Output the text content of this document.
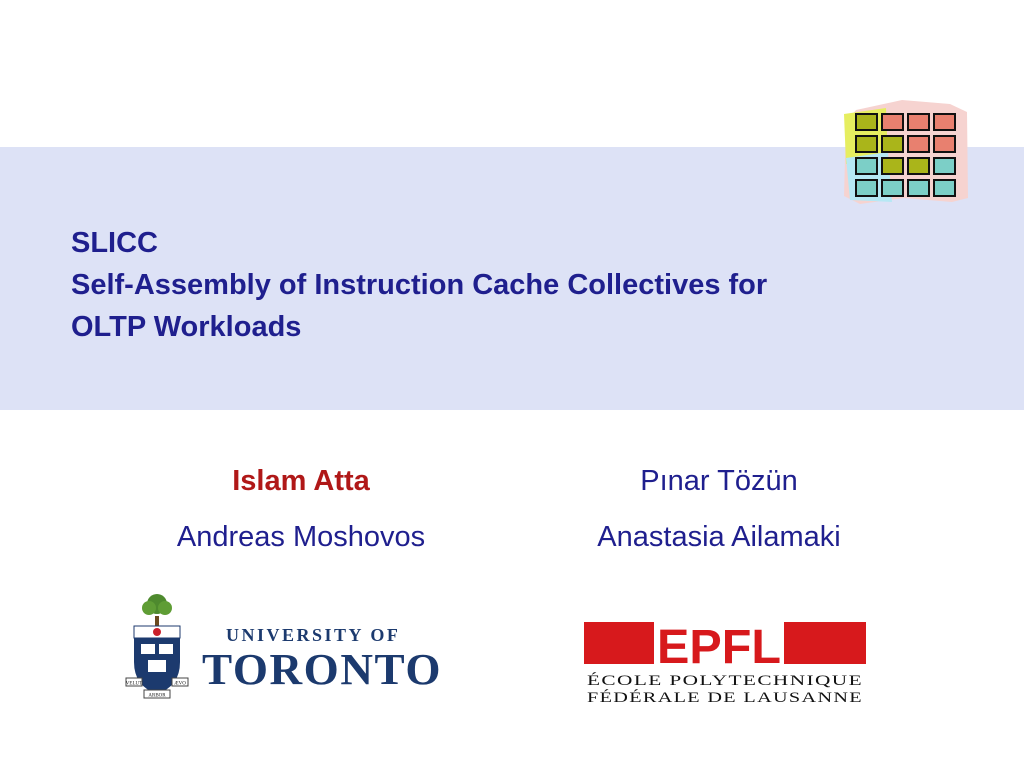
SLICC
Self-Assembly of Instruction Cache Collectives for
OLTP Workloads
Islam Atta	Pınar Tözün
Andreas Moshovos	Anastasia Ailamaki
VELUT	ÆVO
ARBOR
UNIVERSITY OF
TORONTO	EPFL
ÉCOLE POLYTECHNIQUE
FÉDÉRALE DE LAUSANNE
